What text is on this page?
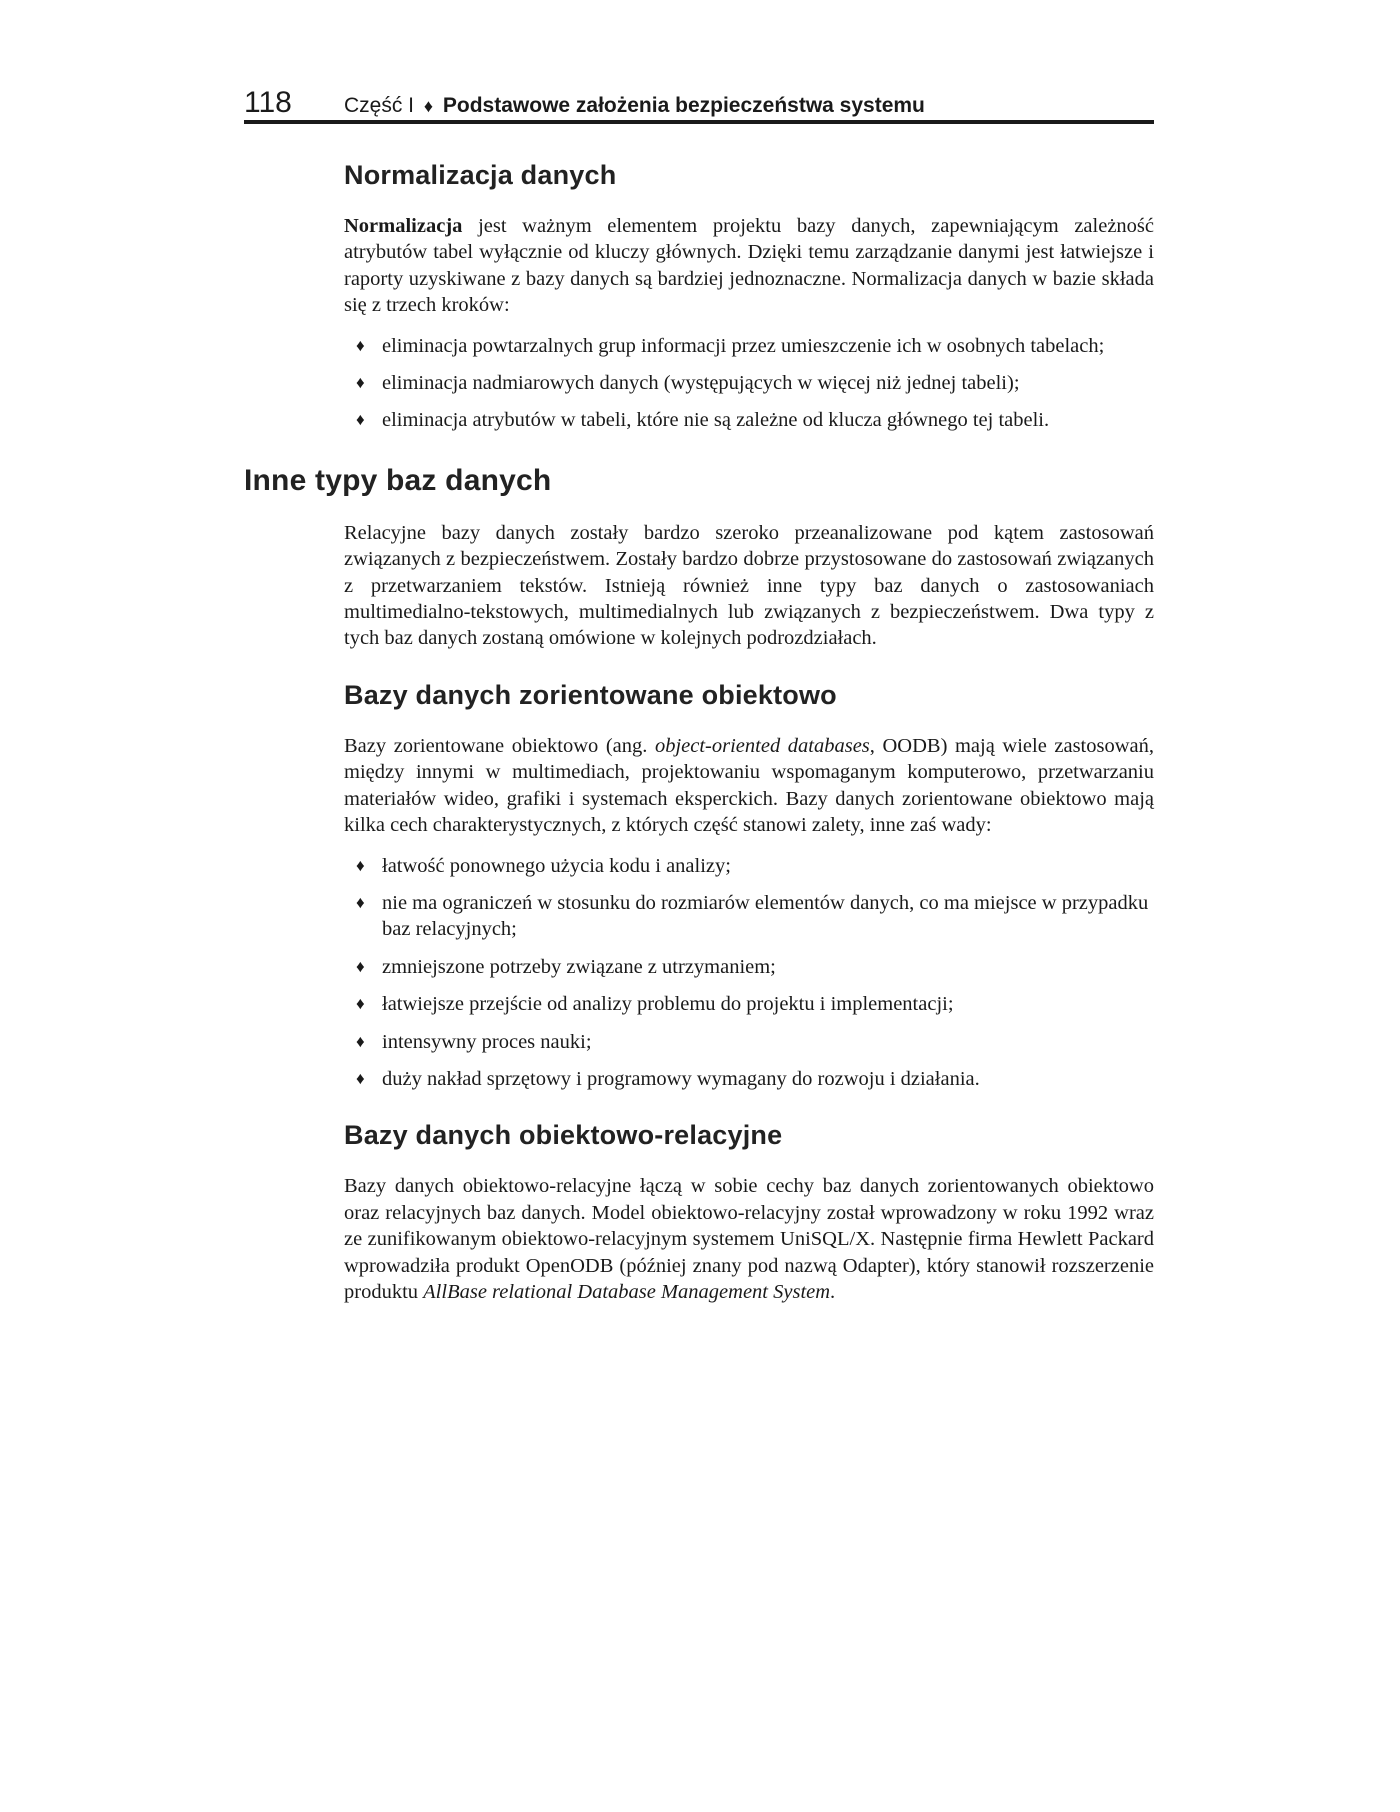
118 Część I ♦ Podstawowe założenia bezpieczeństwa systemu
Normalizacja danych

Normalizacja jest ważnym elementem projektu bazy danych, zapewniającym zależność atrybutów tabel wyłącznie od kluczy głównych. Dzięki temu zarządzanie danymi jest łatwiejsze i raporty uzyskiwane z bazy danych są bardziej jednoznaczne. Normalizacja danych w bazie składa się z trzech kroków:

♦ eliminacja powtarzalnych grup informacji przez umieszczenie ich w osobnych tabelach;
♦ eliminacja nadmiarowych danych (występujących w więcej niż jednej tabeli);
♦ eliminacja atrybutów w tabeli, które nie są zależne od klucza głównego tej tabeli.
Inne typy baz danych

Relacyjne bazy danych zostały bardzo szeroko przeanalizowane pod kątem zastosowań związanych z bezpieczeństwem. Zostały bardzo dobrze przystosowane do zastosowań związanych z przetwarzaniem tekstów. Istnieją również inne typy baz danych o zastosowaniach multimedialno-tekstowych, multimedialnych lub związanych z bezpieczeństwem. Dwa typy z tych baz danych zostaną omówione w kolejnych podrozdziałach.

Bazy danych zorientowane obiektowo

Bazy zorientowane obiektowo (ang. object-oriented databases, OODB) mają wiele zastosowań, między innymi w multimediach, projektowaniu wspomaganym komputerowo, przetwarzaniu materiałów wideo, grafiki i systemach eksperckich. Bazy danych zorientowane obiektowo mają kilka cech charakterystycznych, z których część stanowi zalety, inne zaś wady:

♦ łatwość ponownego użycia kodu i analizy;
♦ nie ma ograniczeń w stosunku do rozmiarów elementów danych, co ma miejsce w przypadku baz relacyjnych;
♦ zmniejszone potrzeby związane z utrzymaniem;
♦ łatwiejsze przejście od analizy problemu do projektu i implementacji;
♦ intensywny proces nauki;
♦ duży nakład sprzętowy i programowy wymagany do rozwoju i działania.
Bazy danych obiektowo-relacyjne

Bazy danych obiektowo-relacyjne łączą w sobie cechy baz danych zorientowanych obiektowo oraz relacyjnych baz danych. Model obiektowo-relacyjny został wprowadzony w roku 1992 wraz ze zunifikowanym obiektowo-relacyjnym systemem UniSQL/X. Następnie firma Hewlett Packard wprowadziła produkt OpenODB (później znany pod nazwą Odapter), który stanowił rozszerzenie produktu AllBase relational Database Management System.
